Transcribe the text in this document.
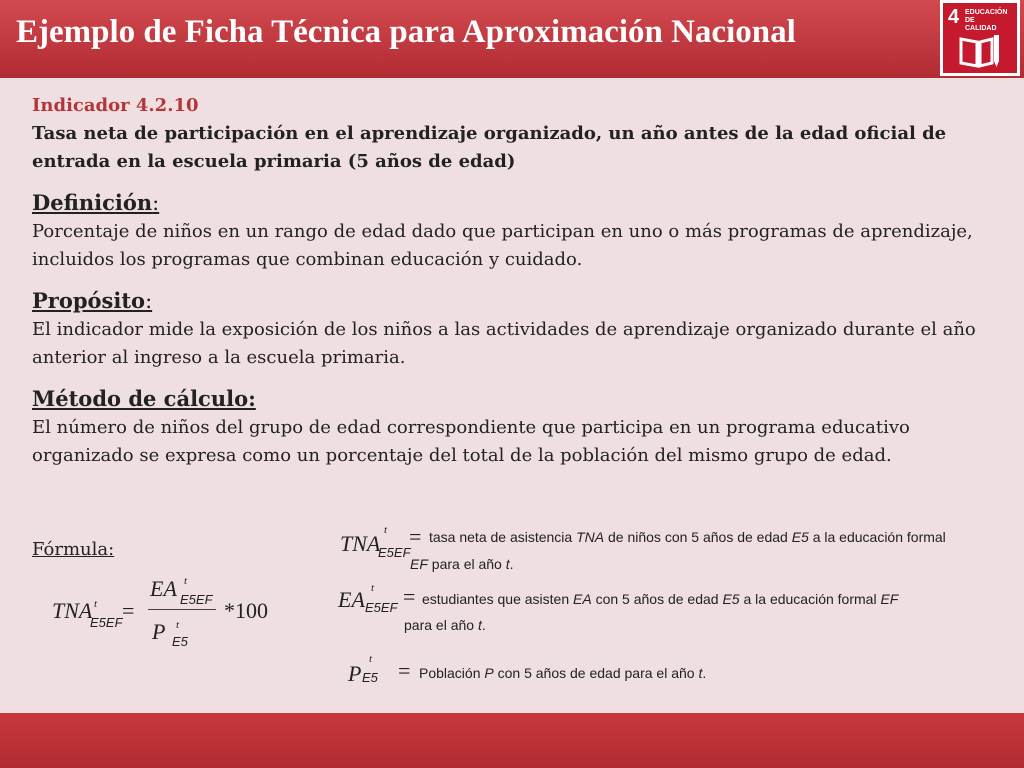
Ejemplo de Ficha Técnica para Aproximación Nacional	4 EDUCACIÓN DE
CALIDAD
Indicador 4.2.10
Tasa neta de participación en el aprendizaje organizado, un año antes de la edad oficial de entrada en la escuela primaria (5 años de edad)
Definición:
Porcentaje de niños en un rango de edad dado que participan en uno o más programas de aprendizaje, incluidos los programas que combinan educación y cuidado.
Propósito:
El indicador mide la exposición de los niños a las actividades de aprendizaje organizado durante el año anterior al ingreso a la escuela primaria.
Método de cálculo:
El número de niños del grupo de edad correspondiente que participa en un programa educativo organizado se expresa como un porcentaje del total de la población del mismo grupo de edad.
Fórmula:
TNA t
E5EF =
EA t
E5EF
P t
E5
*100
TNA
t
E5EF
= tasa neta de asistencia TNA de niños con 5 años de edad E5 a la educación formal
EF para el año t.
EA t
E5EF = estudiantes que asisten EA con 5 años de edad E5 a la educación formal EF
para el año t.
P
t
E5 = Población P con 5 años de edad para el año t.
